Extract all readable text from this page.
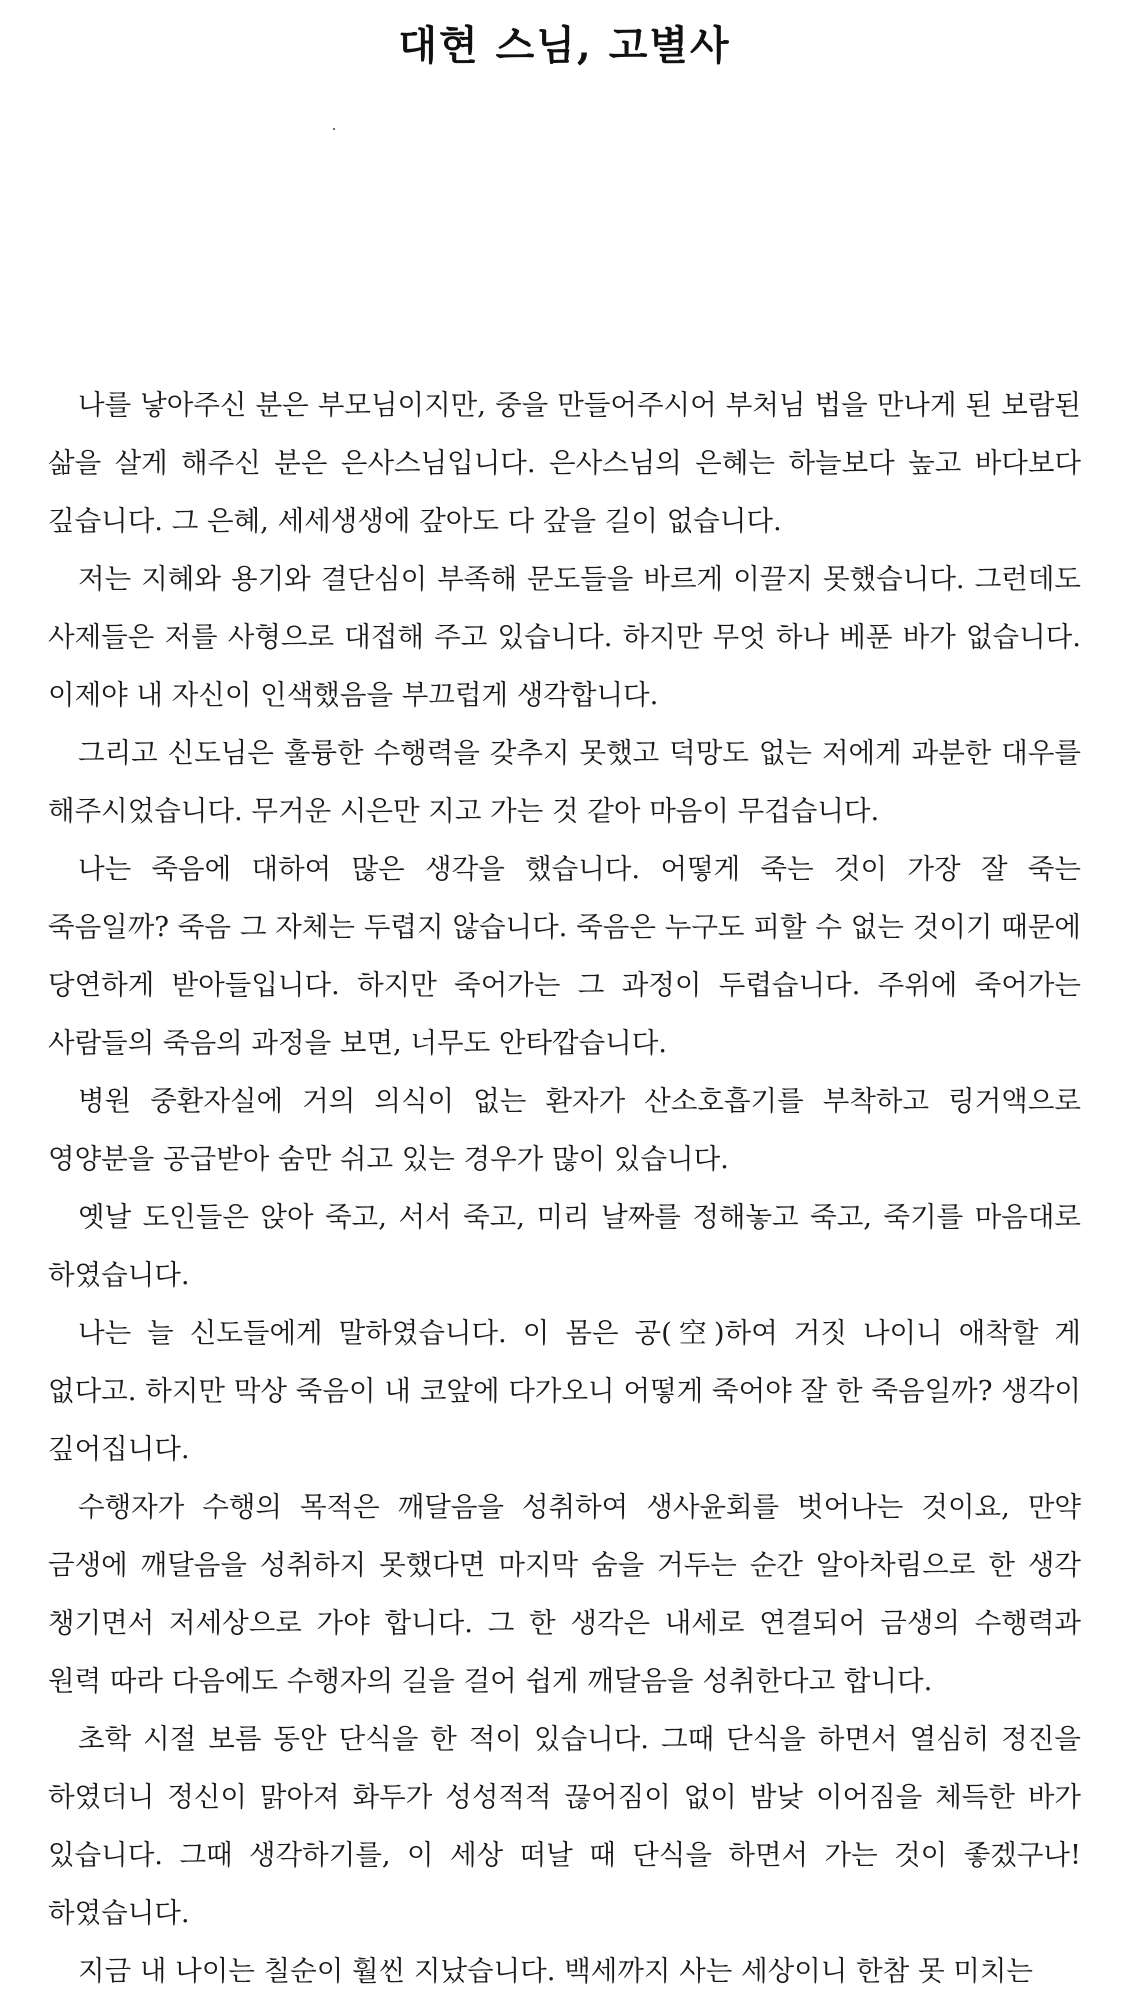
대현 스님, 고별사

나를 낳아주신 분은 부모님이지만, 중을 만들어주시어 부처님 법을 만나게 된 보람된 삶을 살게 해주신 분은 은사스님입니다. 은사스님의 은혜는 하늘보다 높고 바다보다 깊습니다. 그 은혜, 세세생생에 갚아도 다 갚을 길이 없습니다.

저는 지혜와 용기와 결단심이 부족해 문도들을 바르게 이끌지 못했습니다. 그런데도 사제들은 저를 사형으로 대접해 주고 있습니다. 하지만 무엇 하나 베푼 바가 없습니다. 이제야 내 자신이 인색했음을 부끄럽게 생각합니다.

그리고 신도님은 훌륭한 수행력을 갖추지 못했고 덕망도 없는 저에게 과분한 대우를 해주시었습니다. 무거운 시은만 지고 가는 것 같아 마음이 무겁습니다.

나는 죽음에 대하여 많은 생각을 했습니다. 어떻게 죽는 것이 가장 잘 죽는 죽음일까? 죽음 그 자체는 두렵지 않습니다. 죽음은 누구도 피할 수 없는 것이기 때문에 당연하게 받아들입니다. 하지만 죽어가는 그 과정이 두렵습니다. 주위에 죽어가는 사람들의 죽음의 과정을 보면, 너무도 안타깝습니다.

병원 중환자실에 거의 의식이 없는 환자가 산소호흡기를 부착하고 링거액으로 영양분을 공급받아 숨만 쉬고 있는 경우가 많이 있습니다.

옛날 도인들은 앉아 죽고, 서서 죽고, 미리 날짜를 정해놓고 죽고, 죽기를 마음대로 하였습니다.

나는 늘 신도들에게 말하였습니다. 이 몸은 공(空)하여 거짓 나이니 애착할 게 없다고. 하지만 막상 죽음이 내 코앞에 다가오니 어떻게 죽어야 잘 한 죽음일까? 생각이 깊어집니다.

수행자가 수행의 목적은 깨달음을 성취하여 생사윤회를 벗어나는 것이요, 만약 금생에 깨달음을 성취하지 못했다면 마지막 숨을 거두는 순간 알아차림으로 한 생각 챙기면서 저세상으로 가야 합니다. 그 한 생각은 내세로 연결되어 금생의 수행력과 원력 따라 다음에도 수행자의 길을 걸어 쉽게 깨달음을 성취한다고 합니다.

초학 시절 보름 동안 단식을 한 적이 있습니다. 그때 단식을 하면서 열심히 정진을 하였더니 정신이 맑아져 화두가 성성적적 끊어짐이 없이 밤낮 이어짐을 체득한 바가 있습니다. 그때 생각하기를, 이 세상 떠날 때 단식을 하면서 가는 것이 좋겠구나! 하였습니다.

지금 내 나이는 칠순이 훨씬 지났습니다. 백세까지 사는 세상이니 한참 못 미치는
